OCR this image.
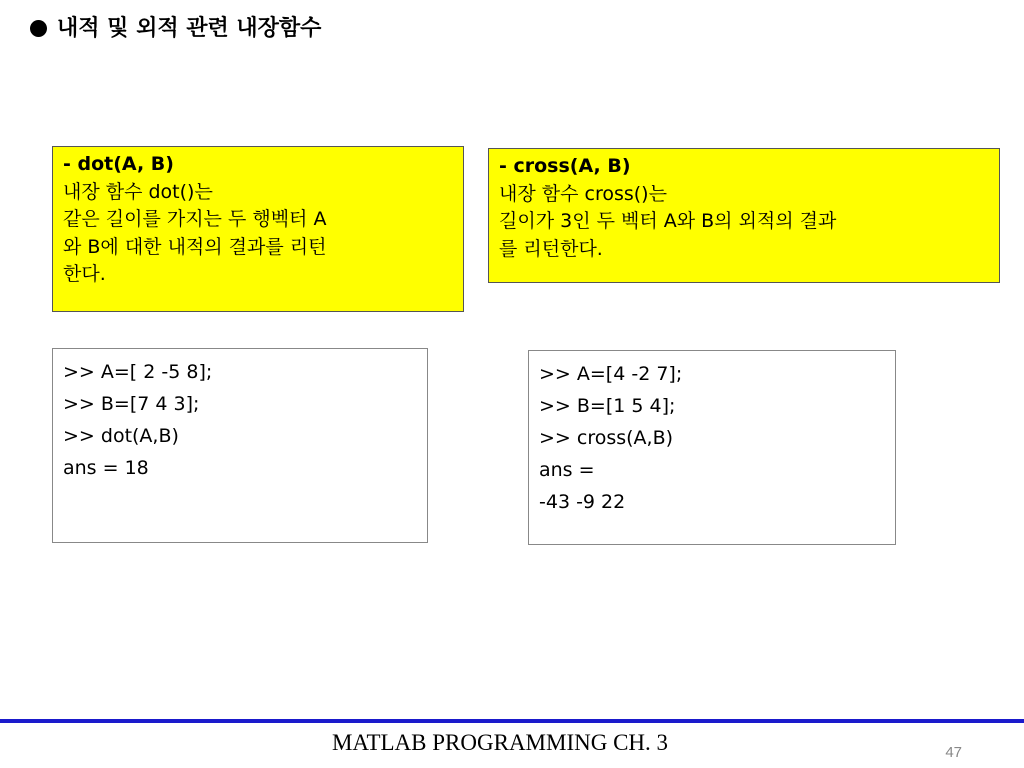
내적 및 외적 관련 내장함수
- dot(A, B)
내장 함수 dot()는
같은 길이를 가지는 두 행벡터 A
와 B에 대한 내적의 결과를 리턴
한다.
- cross(A, B)
내장 함수 cross()는
길이가 3인 두 벡터 A와 B의 외적의 결과
를 리턴한다.
>> A=[ 2 -5 8];
>> B=[7 4 3];
>> dot(A,B)
ans = 18
>> A=[4 -2 7];
>> B=[1 5 4];
>> cross(A,B)
ans =
-43 -9 22
MATLAB PROGRAMMING CH. 3	47
